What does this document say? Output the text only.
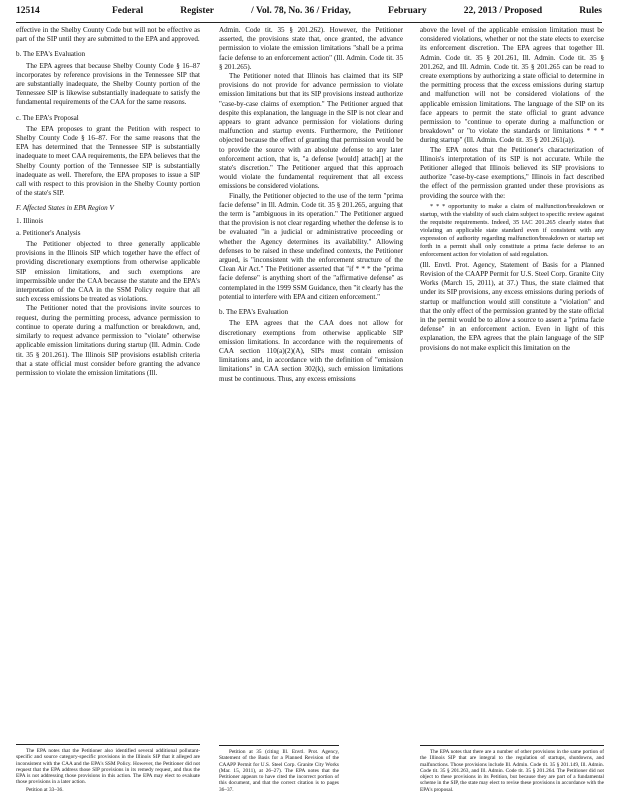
12514	Federal	Register	/ Vol. 78, No. 36 / Friday,	February	22, 2013 / Proposed	Rules

effective in the Shelby County Code but will not be effective as part of the SIP until they are submitted to the EPA and approved.

b. The EPA's Evaluation

The EPA agrees that because Shelby County Code § 16–87 incorporates by reference provisions in the Tennessee SIP that are substantially inadequate, the Shelby County portion of the Tennessee SIP is likewise substantially inadequate to satisfy the fundamental requirements of the CAA for the same reasons.

c. The EPA's Proposal

The EPA proposes to grant the Petition with respect to Shelby County Code § 16–87. For the same reasons that the EPA has determined that the Tennessee SIP is substantially inadequate to meet CAA requirements, the EPA believes that the Shelby County portion of the Tennessee SIP is substantially inadequate as well. Therefore, the EPA proposes to issue a SIP call with respect to this provision in the Shelby County portion of the state's SIP.

F. Affected States in EPA Region V

1. Illinois

a. Petitioner's Analysis

The Petitioner objected to three generally applicable provisions in the Illinois SIP which together have the effect of providing discretionary exemptions from otherwise applicable SIP emission limitations, and such exemptions are impermissible under the CAA because the statute and the EPA's interpretation of the CAA in the SSM Policy require that all such excess emissions be treated as violations.

The Petitioner noted that the provisions invite sources to request, during the permitting process, advance permission to continue to operate during a malfunction or breakdown, and, similarly to request advance permission to "violate" otherwise applicable emission limitations during startup (Ill. Admin. Code tit. 35 § 201.261). The Illinois SIP provisions establish criteria that a state official must consider before granting the advance permission to violate the emission limitations (Ill.

The EPA notes that the Petitioner also identified several additional pollutant-specific and source category-specific provisions in the Illinois SIP that it alleged are inconsistent with the CAA and the EPA's SSM Policy. However, the Petitioner did not request that the EPA address those SIP provisions in its remedy request, and thus the EPA is not addressing those provisions in this action. The EPA may elect to evaluate those provisions in a later action.

Petition at 33–36.

Admin. Code tit. 35 § 201.262). However, the Petitioner asserted, the provisions state that, once granted, the advance permission to violate the emission limitations "shall be a prima facie defense to an enforcement action" (Ill. Admin. Code tit. 35 § 201.265).

The Petitioner noted that Illinois has claimed that its SIP provisions do not provide for advance permission to violate emission limitations but that its SIP provisions instead authorize "case-by-case claims of exemption." The Petitioner argued that despite this explanation, the language in the SIP is not clear and appears to grant advance permission for violations during malfunction and startup events. Furthermore, the Petitioner objected because the effect of granting that permission would be to provide the source with an absolute defense to any later enforcement action, that is, "a defense [would] attach[] at the state's discretion." The Petitioner argued that this approach would violate the fundamental requirement that all excess emissions be considered violations.

Finally, the Petitioner objected to the use of the term "prima facie defense" in Ill. Admin. Code tit. 35 § 201.265, arguing that the term is "ambiguous in its operation." The Petitioner argued that the provision is not clear regarding whether the defense is to be evaluated "in a judicial or administrative proceeding or whether the Agency determines its availability." Allowing defenses to be raised in these undefined contexts, the Petitioner argued, is "inconsistent with the enforcement structure of the Clean Air Act." The Petitioner asserted that "if * * * the "prima facie defense" is anything short of the "affirmative defense" as contemplated in the 1999 SSM Guidance, then "it clearly has the potential to interfere with EPA and citizen enforcement."

b. The EPA's Evaluation

The EPA agrees that the CAA does not allow for discretionary exemptions from otherwise applicable SIP emission limitations. In accordance with the requirements of CAA section 110(a)(2)(A), SIPs must contain emission limitations and, in accordance with the definition of "emission limitations" in CAA section 302(k), such emission limitations must be continuous. Thus, any excess emissions

Petition at 35 (citing Ill. Envtl. Prot. Agency, Statement of the Basis for a Planned Revision of the CAAPP Permit for U.S. Steel Corp. Granite City Works (Mar. 15, 2011), at 26–27). The EPA notes that the Petitioner appears to have cited the incorrect portion of this document, and that the correct citation is to pages 36–37.

above the level of the applicable emission limitation must be considered violations, whether or not the state elects to exercise its enforcement discretion. The EPA agrees that together Ill. Admin. Code tit. 35 § 201.261, Ill. Admin. Code tit. 35 § 201.262, and Ill. Admin. Code tit. 35 § 201.265 can be read to create exemptions by authorizing a state official to determine in the permitting process that the excess emissions during startup and malfunction will not be considered violations of the applicable emission limitations. The language of the SIP on its face appears to permit the state official to grant advance permission to "continue to operate during a malfunction or breakdown" or "to violate the standards or limitations * * * during startup" (Ill. Admin. Code tit. 35 § 201.261(a)).

The EPA notes that the Petitioner's characterization of Illinois's interpretation of its SIP is not accurate. While the Petitioner alleged that Illinois believed its SIP provisions to authorize "case-by-case exemptions," Illinois in fact described the effect of the permission granted under these provisions as providing the source with the:

* * * opportunity to make a claim of malfunction/breakdown or startup, with the viability of such claim subject to specific review against the requisite requirements. Indeed, 35 IAC 201.265 clearly states that violating an applicable state standard even if consistent with any expression of authority regarding malfunction/breakdown or startup set forth in a permit shall only constitute a prima facie defense to an enforcement action for violation of said regulation.

(Ill. Envtl. Prot. Agency, Statement of Basis for a Planned Revision of the CAAPP Permit for U.S. Steel Corp. Granite City Works (March 15, 2011), at 37.) Thus, the state claimed that under its SIP provisions, any excess emissions during periods of startup or malfunction would still constitute a "violation" and that the only effect of the permission granted by the state official in the permit would be to allow a source to assert a "prima facie defense" in an enforcement action. Even in light of this explanation, the EPA agrees that the plain language of the SIP provisions do not make explicit this limitation on the

The EPA notes that there are a number of other provisions in the same portion of the Illinois SIP that are integral to the regulation of startups, shutdowns, and malfunctions. Those provisions include Ill. Admin. Code tit. 35 § 201.149, Ill. Admin. Code tit. 35 § 201.263, and Ill. Admin. Code tit. 35 § 201.264. The Petitioner did not object to these provisions in its Petition, but because they are part of a fundamental scheme in the SIP, the state may elect to revise these provisions in accordance with the EPA's proposal.
